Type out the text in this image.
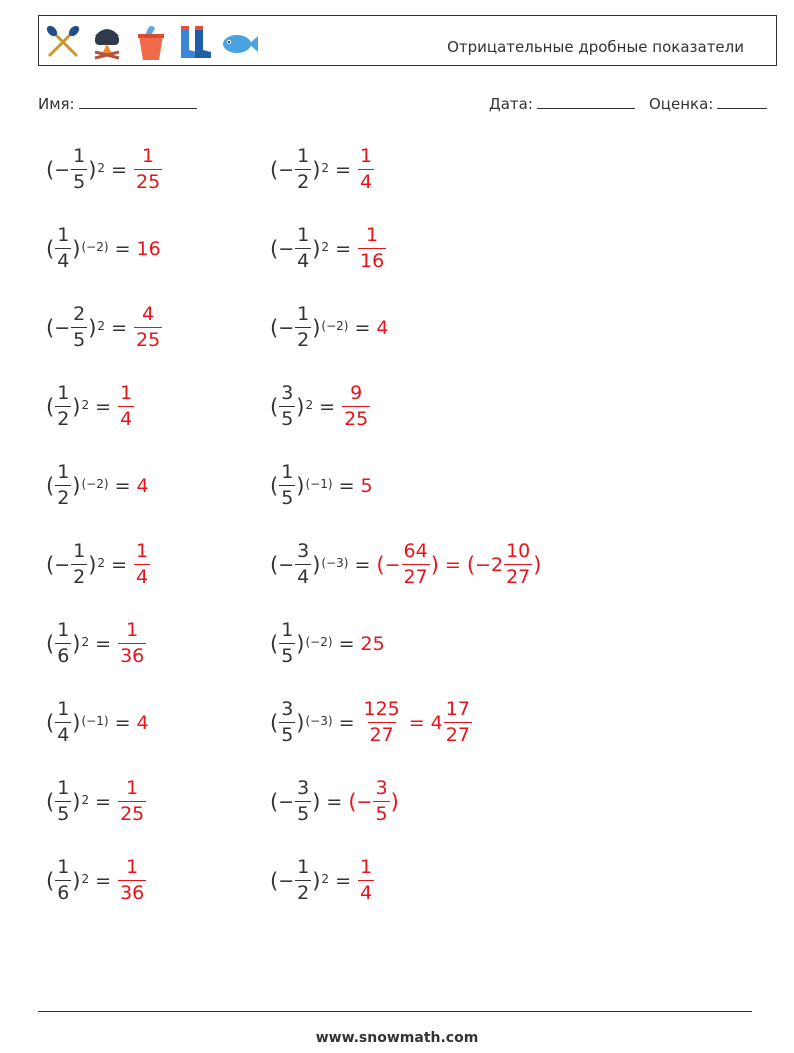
Отрицательные дробные показатели
Имя:	Дата:	Оценка:
( − $\frac{1}{5}$ ) $2 = \frac{1}{25}$	( − $\frac{1}{2}$ ) $2 = \frac{1}{4}$
( $\frac{1}{4}$ ) (−2) = 16	( − $\frac{1}{4}$ ) $2 = \frac{1}{16}$
( − $\frac{2}{5}$ ) $2 = \frac{4}{25}$	( − $\frac{1}{2}$ ) (−2) = 4
( $\frac{1}{2}$ ) $2 = \frac{1}{4}$	( $\frac{3}{5}$ ) $2 = \frac{9}{25}$
( $\frac{1}{2}$ ) (−2) = 4	( $\frac{1}{5}$ ) (−1) = 5
( − $\frac{1}{2}$ ) $2 = \frac{1}{4}$	( − $\frac{3}{4}$ ) (−3) = ( − $\frac{64}{27}$ ) = ( $-2 \frac{10}{27}$ )
( $\frac{1}{6}$ ) $2 = \frac{1}{36}$	( $\frac{1}{5}$ ) (−2) = 25
( $\frac{1}{4}$ ) (−1) = 4	( $\frac{3}{5}$ ) $(-3) = \frac{125}{27} = 4 \frac{17}{27}$
( $\frac{1}{5}$ ) $2 = \frac{1}{25}$	( − $\frac{3}{5}$ ) = ( − $\frac{3}{5}$ )
( $\frac{1}{6}$ ) $2 = \frac{1}{36}$	( − $\frac{1}{2}$ ) $2 = \frac{1}{4}$
www.snowmath.com
